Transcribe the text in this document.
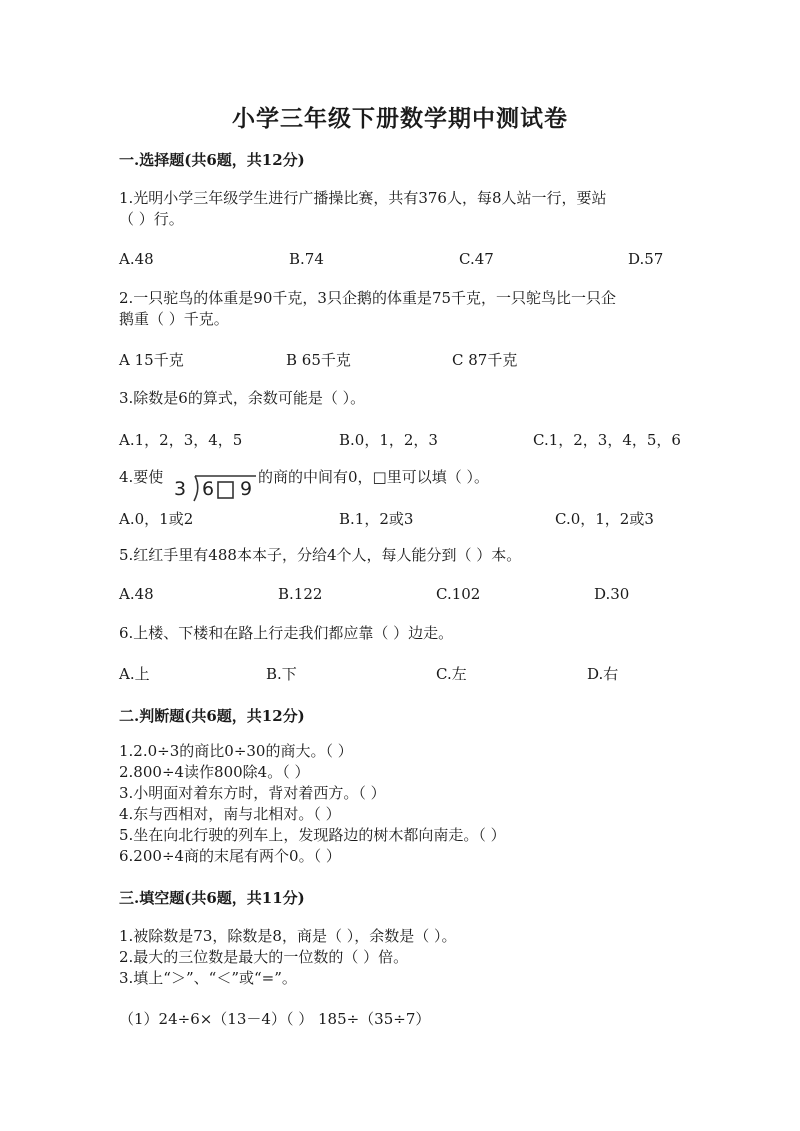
小学三年级下册数学期中测试卷
一.选择题(共6题，共12分)
1.光明小学三年级学生进行广播操比赛，共有376人，每8人站一行，要站
（ ）行。
A.48	B.74	C.47	D.57
2.一只驼鸟的体重是90千克，3只企鹅的体重是75千克，一只鸵鸟比一只企
鹅重（ ）千克。
A 15千克	B 65千克	C 87千克
3.除数是6的算式，余数可能是（ ）。
A.1，2，3，4，5	B.0，1，2，3	C.1，2，3，4，5，6
4.要使
3 6 9
的商的中间有0，□里可以填（ ）。
A.0，1或2	B.1，2或3	C.0，1，2或3
5.红红手里有488本本子，分给4个人，每人能分到（ ）本。
A.48	B.122	C.102	D.30
6.上楼、下楼和在路上行走我们都应靠（ ）边走。
A.上	B.下	C.左	D.右
二.判断题(共6题，共12分)
1.2.0÷3的商比0÷30的商大。（ ）
2.800÷4读作800除4。（ ）
3.小明面对着东方时，背对着西方。（ ）
4.东与西相对，南与北相对。（ ）
5.坐在向北行驶的列车上，发现路边的树木都向南走。（ ）
6.200÷4商的末尾有两个0。（ ）
三.填空题(共6题，共11分)
1.被除数是73，除数是8，商是（ ），余数是（ ）。
2.最大的三位数是最大的一位数的（ ）倍。
3.填上“＞”、“＜”或“=”。
（1）24÷6×（13－4）（ ） 185÷（35÷7）
